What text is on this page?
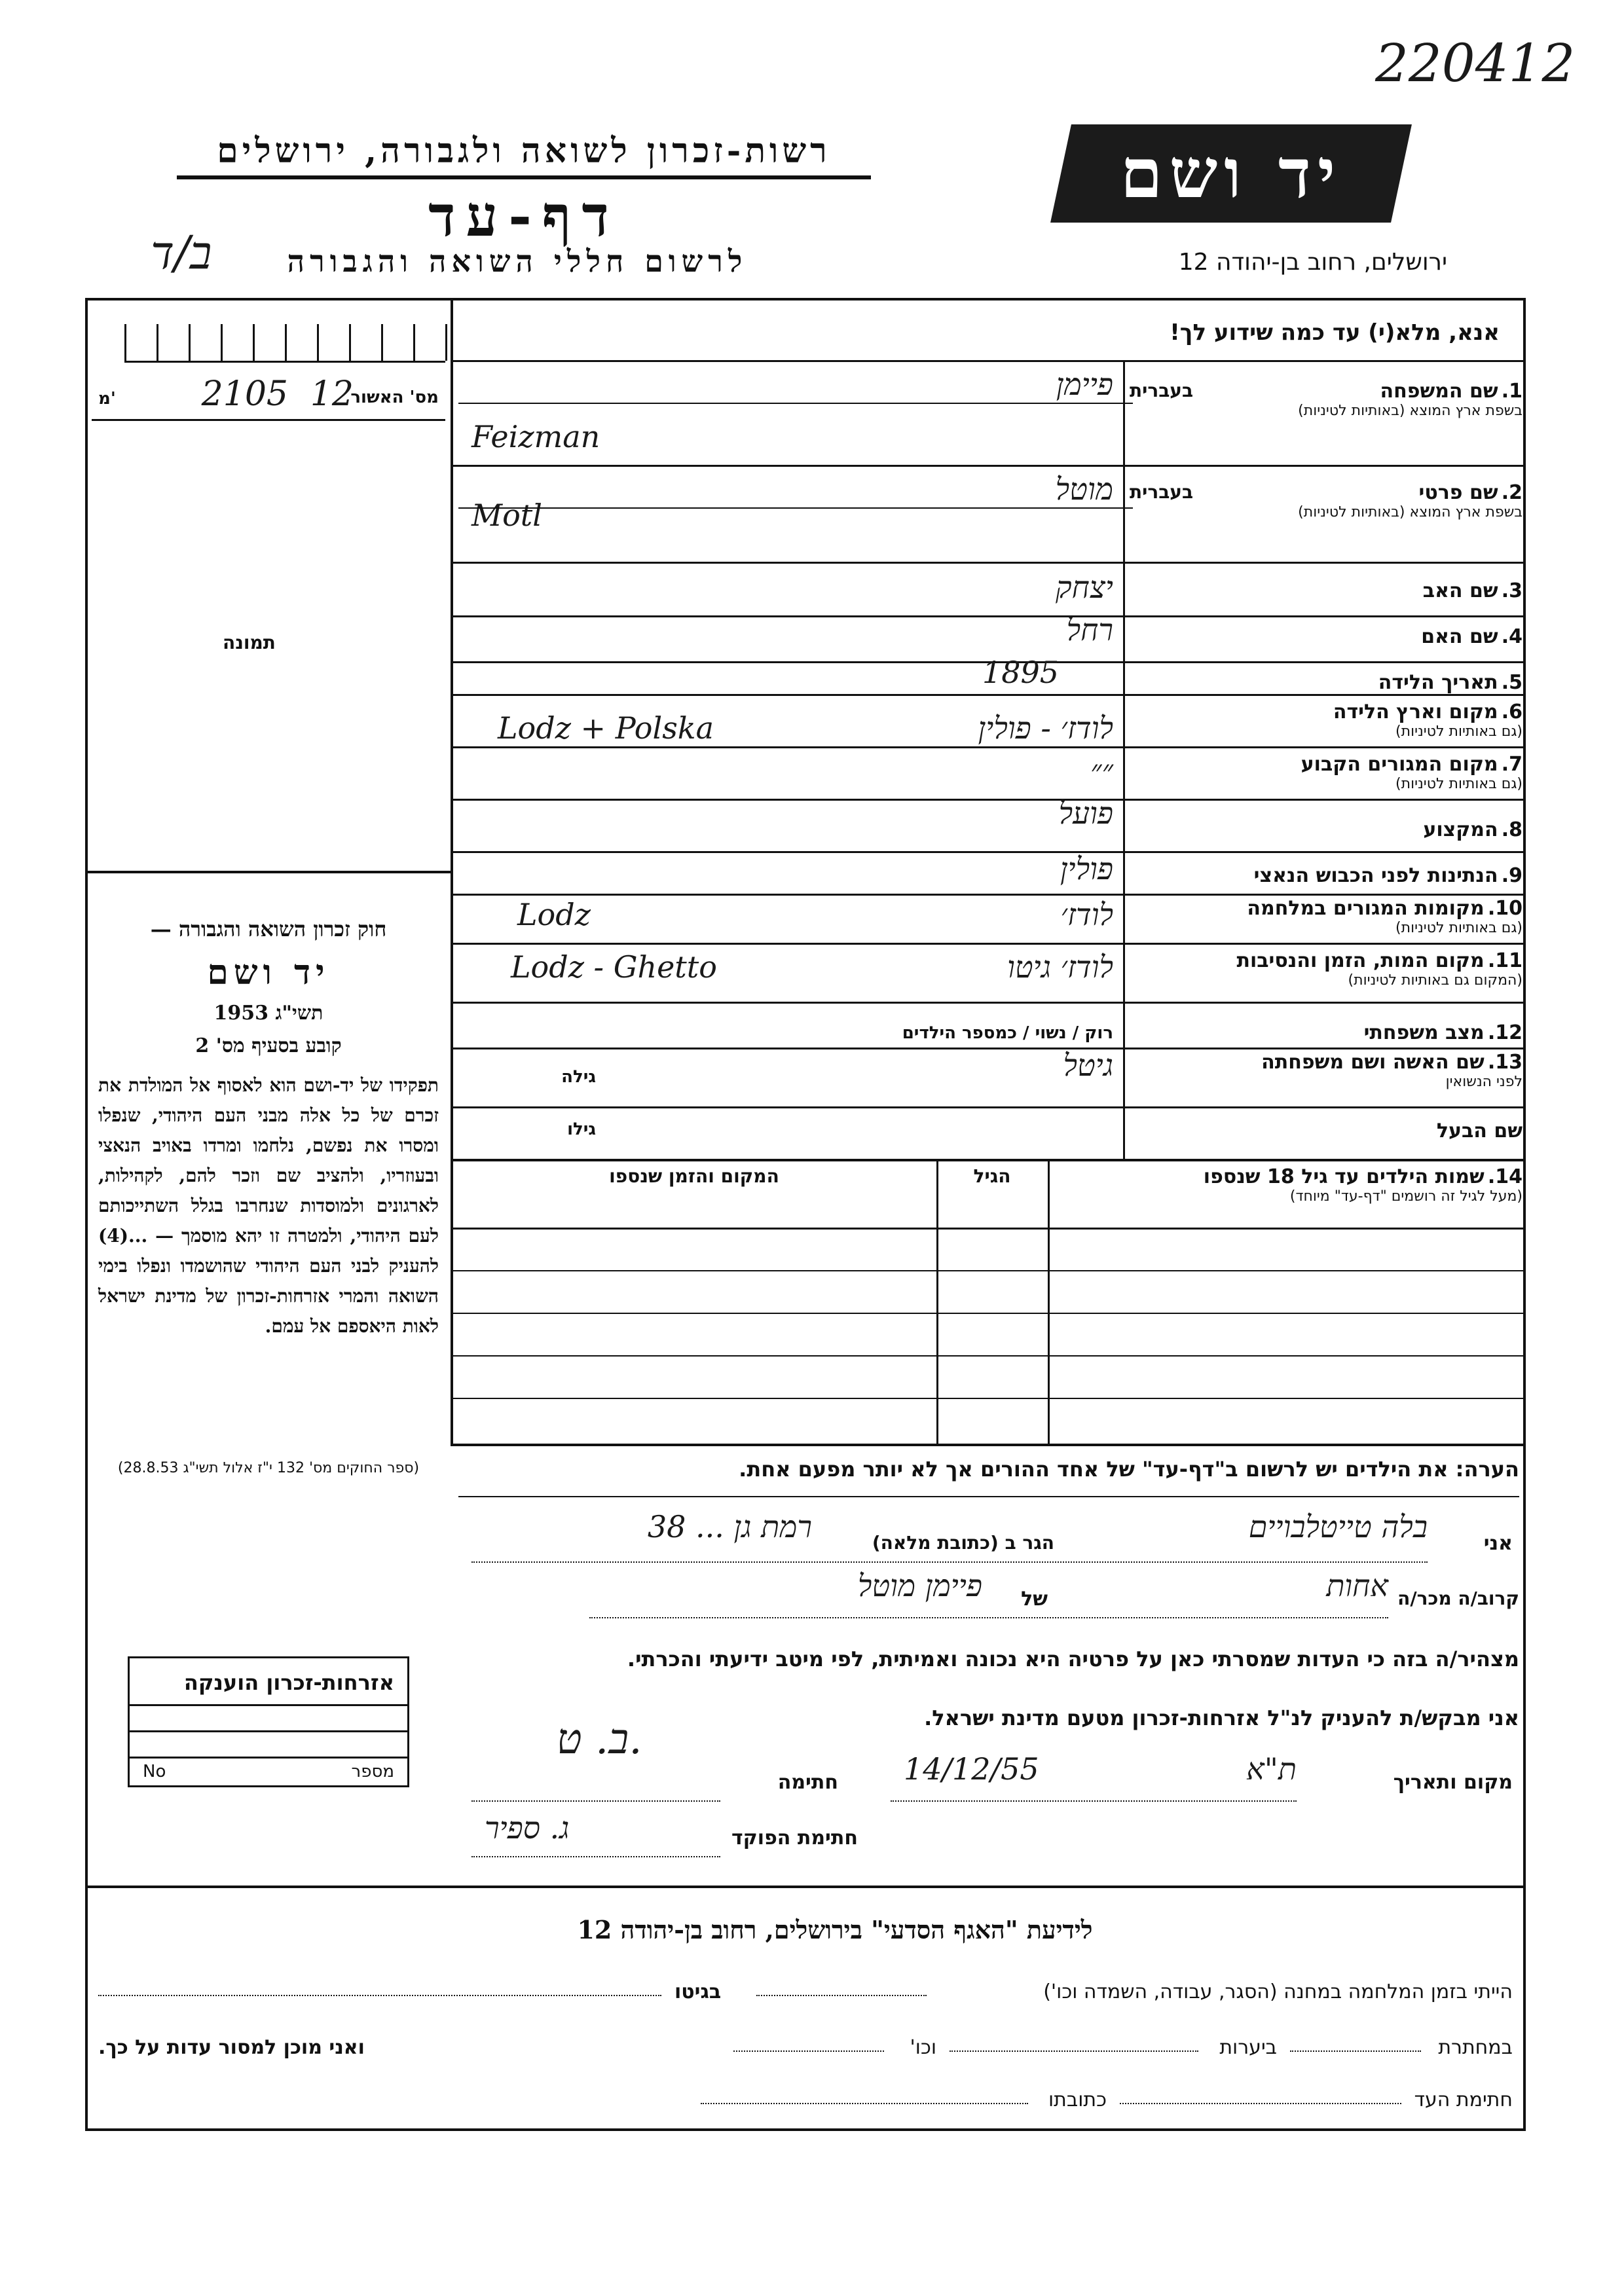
220412
רשות-זכרון לשואה ולגבורה, ירושלים
דף-עד
לרשום חללי השואה והגבורה
ב/ד
יד ושם
ירושלים, רחוב בן-יהודה 12
אנא, מלא(י) עד כמה שידוע לך!
מס' האשור
12
2105
'מ
תמונה
חוק זכרון השואה והגבורה —
יד ושם
תשי"ג 1953
קובע בסעיף מס' 2
תפקידו של יד-ושם הוא לאסוף אל המולדת את זכרם של כל אלה מבני העם היהודי, שנפלו ומסרו את נפשם, נלחמו ומרדו באויב הנאצי ובעוזריו, ולהציב שם וזכר להם, לקהילות, לארגונים ולמוסדות שנחרבו בגלל השתייכותם לעם היהודי, ולמטרה זו יהא מוסמך — ...(4) להעניק לבני העם היהודי שהושמדו ונפלו בימי השואה והמרי אזרחות-זכרון של מדינת ישראל לאות היאספם אל עמם.
(ספר החוקים מס' 132 י"ז אלול תשי"ג 28.8.53)
אזרחות-זכרון הוענקה
מספר
No
1. שם המשפחה
בשפת ארץ המוצא (באותיות לטיניות)
בעברית
פיימן
Feizman
2. שם פרטי
בשפת ארץ המוצא (באותיות לטיניות)
בעברית
מוטל
Motl
3. שם האב
יצחק
4. שם האם
רחל
5. תאריך הלידה
1895
6. מקום וארץ הלידה
(גם באותיות לטיניות)
לודז׳ - פולין
Lodz + Polska
7. מקום המגורים הקבוע
(גם באותיות לטיניות)
״״
8. המקצוע
פועל
9. הנתינות לפני הכבוש הנאצי
פולין
10. מקומות המגורים במלחמה
(גם באותיות לטיניות)
לודז׳
Lodz
11. מקום המות, הזמן והנסיבות
(המקום גם באותיות לטיניות)
לודז׳ גיטו
Lodz - Ghetto
12. מצב משפחתי
רוק / נשוי / כמספר הילדים
13. שם האשה ושם משפחתה
לפני הנשואין
גיטל
גילה
שם הבעל
גילו
14. שמות הילדים עד גיל 18 שנספו
(מעל לגיל זה רושמים "דף-עד" מיוחד)
הגיל
המקום והזמן שנספו
הערה: את הילדים יש לרשום ב"דף-עד" של אחד ההורים אך לא יותר מפעם אחת.
אני
בלה טייטלבויים
הגר ב (כתובת מלאה)
רמת גן ... 38
קרוב/ה מכר/ה
אחות
של
פיימן מוטל
מצהיר/ה בזה כי העדות שמסרתי כאן על פרטיה היא נכונה ואמיתית, לפי מיטב ידיעתי והכרתי.
אני מבקש/ת להעניק לנ"ל אזרחות-זכרון מטעם מדינת ישראל.
מקום ותאריך
ת"א
14/12/55
חתימה
ב. ט.
חתימת הפוקד
ג. ספיר
לידיעת "האגף הסדעי" בירושלים, רחוב בן-יהודה 12
הייתי בזמן המלחמה במחנה (הסגר, עבודה, השמדה וכו')
בגיטו
במחתרת
ביערות
וכו'
ואני מוכן למסור עדות על כך.
חתימת העד
כתובתו
